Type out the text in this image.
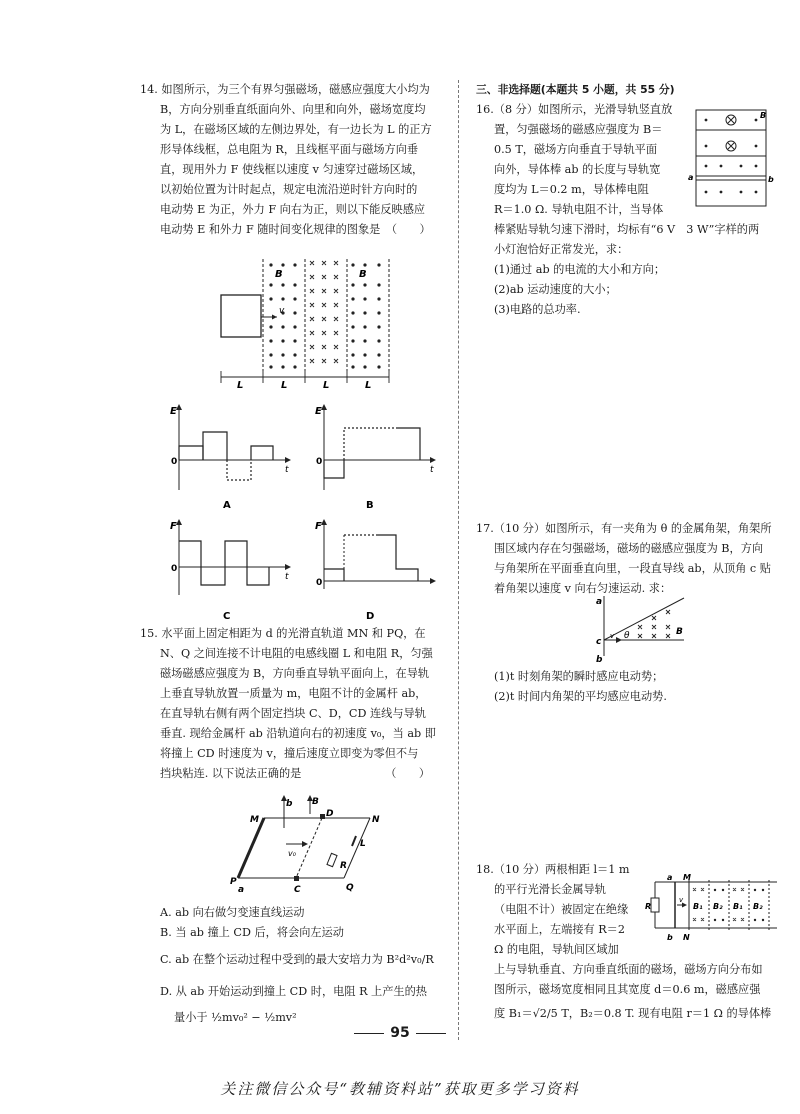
14. 如图所示，为三个有界匀强磁场，磁感应强度大小均为
B，方向分别垂直纸面向外、向里和向外，磁场宽度均
为 L，在磁场区域的左侧边界处，有一边长为 L 的正方
形导体线框，总电阻为 R，且线框平面与磁场方向垂
直，现用外力 F 使线框以速度 v 匀速穿过磁场区域，
以初始位置为计时起点，规定电流沿逆时针方向时的
电动势 E 为正，外力 F 向右为正，则以下能反映感应
电动势 E 和外力 F 随时间变化规律的图象是　（　　）
B	B
v
L	L	L	L
E
0
t
A
E
0
t
B
F
0
t
C
F
0
D
15. 水平面上固定相距为 d 的光滑直轨道 MN 和 PQ，在
N、Q 之间连接不计电阻的电感线圈 L 和电阻 R，匀强
磁场磁感应强度为 B，方向垂直导轨平面向上，在导轨
上垂直导轨放置一质量为 m，电阻不计的金属杆 ab，
在直导轨右侧有两个固定挡块 C、D，CD 连线与导轨
垂直. 现给金属杆 ab 沿轨道向右的初速度 v₀，当 ab 即
将撞上 CD 时速度为 v，撞后速度立即变为零但不与
挡块粘连. 以下说法正确的是　　　　　　　　（　　）
M	N
P
Q
a
b B
C
D
L
R
v₀
A. ab 向右做匀变速直线运动
B. 当 ab 撞上 CD 后，将会向左运动
C. ab 在整个运动过程中受到的最大安培力为 B²d²v₀/R
D. 从 ab 开始运动到撞上 CD 时，电阻 R 上产生的热
量小于 ½mv₀² − ½mv²
三、非选择题(本题共 5 小题，共 55 分)
16.（8 分）如图所示，光滑导轨竖直放
置，匀强磁场的磁感应强度为 B＝
0.5 T，磁场方向垂直于导轨平面
向外，导体棒 ab 的长度与导轨宽
度均为 L＝0.2 m，导体棒电阻
R＝1.0 Ω. 导轨电阻不计，当导体
棒紧贴导轨匀速下滑时，均标有“6 V　3 W”字样的两
小灯泡恰好正常发光，求：
(1)通过 ab 的电流的大小和方向；
(2)ab 运动速度的大小；
(3)电路的总功率.
a	b
B
17.（10 分）如图所示，有一夹角为 θ 的金属角架，角架所
围区域内存在匀强磁场，磁场的磁感应强度为 B，方向
与角架所在平面垂直向里，一段直导线 ab，从顶角 c 贴
着角架以速度 v 向右匀速运动. 求：
a
b
c
B
θ
v
(1)t 时刻角架的瞬时感应电动势；
(2)t 时间内角架的平均感应电动势.
18.（10 分）两根相距 l＝1 m
的平行光滑长金属导轨
（电阻不计）被固定在绝缘
水平面上，左端接有 R＝2
Ω 的电阻，导轨间区域加
上与导轨垂直、方向垂直纸面的磁场，磁场方向分布如
图所示，磁场宽度相同且其宽度 d＝0.6 m，磁感应强
度 B₁＝√2/5 T，B₂＝0.8 T. 现有电阻 r＝1 Ω 的导体棒
a
b
M
N
R
v
B₁ B₂ B₁ B₂
95
关注微信公众号“教辅资料站”获取更多学习资料
